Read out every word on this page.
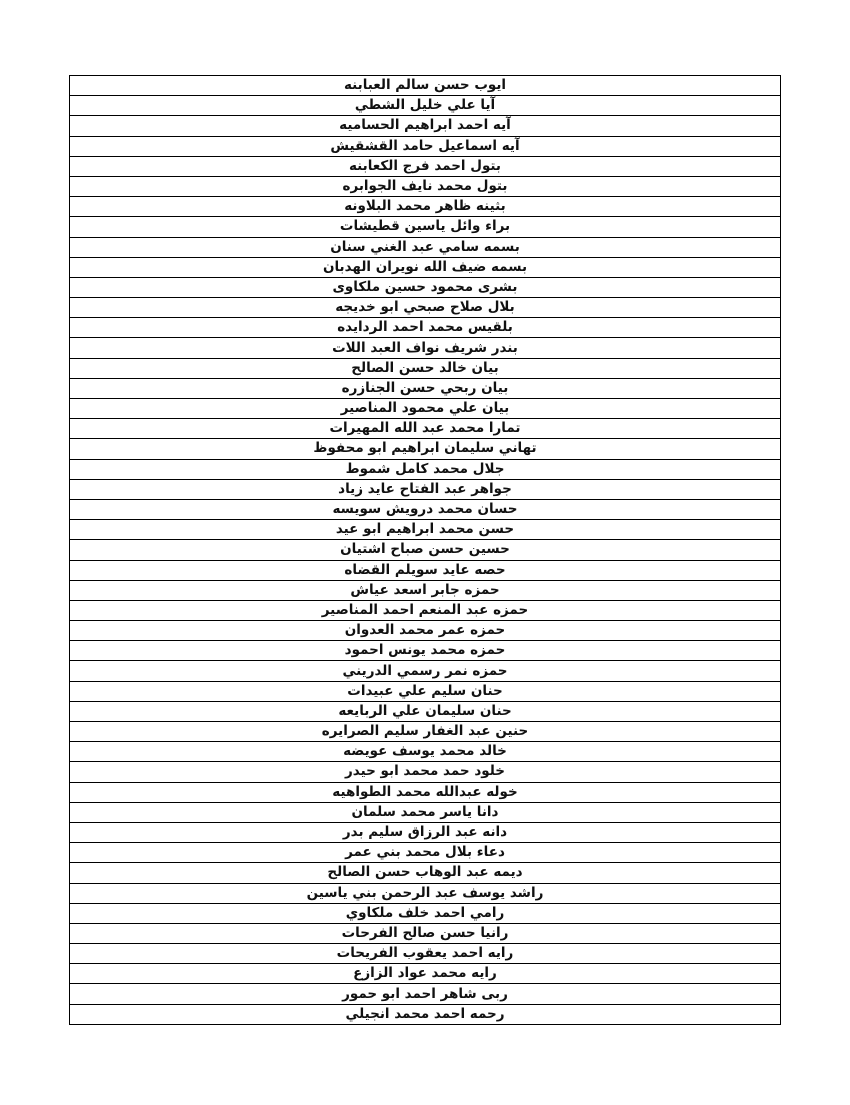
ايوب حسن سالم العبابنه
آيا علي خليل الشطي
آيه احمد ابراهيم الحساميه
آيه اسماعيل حامد القشقيش
بتول احمد فرج الكعابنه
بتول محمد نايف الجوابره
بثينه ظاهر محمد البلاونه
براء وائل ياسين قطيشات
بسمه سامي عبد الغني سنان
بسمه ضيف الله نويران الهدبان
بشرى محمود حسين ملكاوى
بلال صلاح صبحي ابو خديجه
بلقيس محمد احمد الردايده
بندر شريف نواف العبد اللات
بيان خالد حسن الصالح
بيان ربحي حسن الجنازره
بيان علي محمود المناصير
تمارا محمد عبد الله المهيرات
تهاني سليمان ابراهيم ابو محفوظ
جلال محمد كامل شموط
جواهر عبد الفتاح عايد زياد
حسان محمد درويش سويسه
حسن محمد ابراهيم ابو عيد
حسين حسن صباح اشتيان
حصه عايد سويلم القضاه
حمزه جابر اسعد عياش
حمزه عبد المنعم احمد المناصير
حمزه عمر محمد العدوان
حمزه محمد يونس احمود
حمزه نمر رسمي الدريني
حنان سليم علي عبيدات
حنان سليمان علي الربايعه
حنين عبد الغفار سليم الصرايره
خالد محمد يوسف عويضه
خلود حمد محمد ابو حيدر
خوله عبدالله محمد الطواهيه
دانا ياسر محمد سلمان
دانه عبد الرزاق سليم بدر
دعاء بلال محمد بني عمر
ديمه عبد الوهاب حسن الصالح
راشد يوسف عبد الرحمن بني ياسين
رامي احمد خلف ملكاوي
رانيا حسن صالح الفرحات
رايه احمد يعقوب الفريحات
رايه محمد عواد الزازع
ربى شاهر احمد ابو حمور
رحمه احمد محمد انجيلي
